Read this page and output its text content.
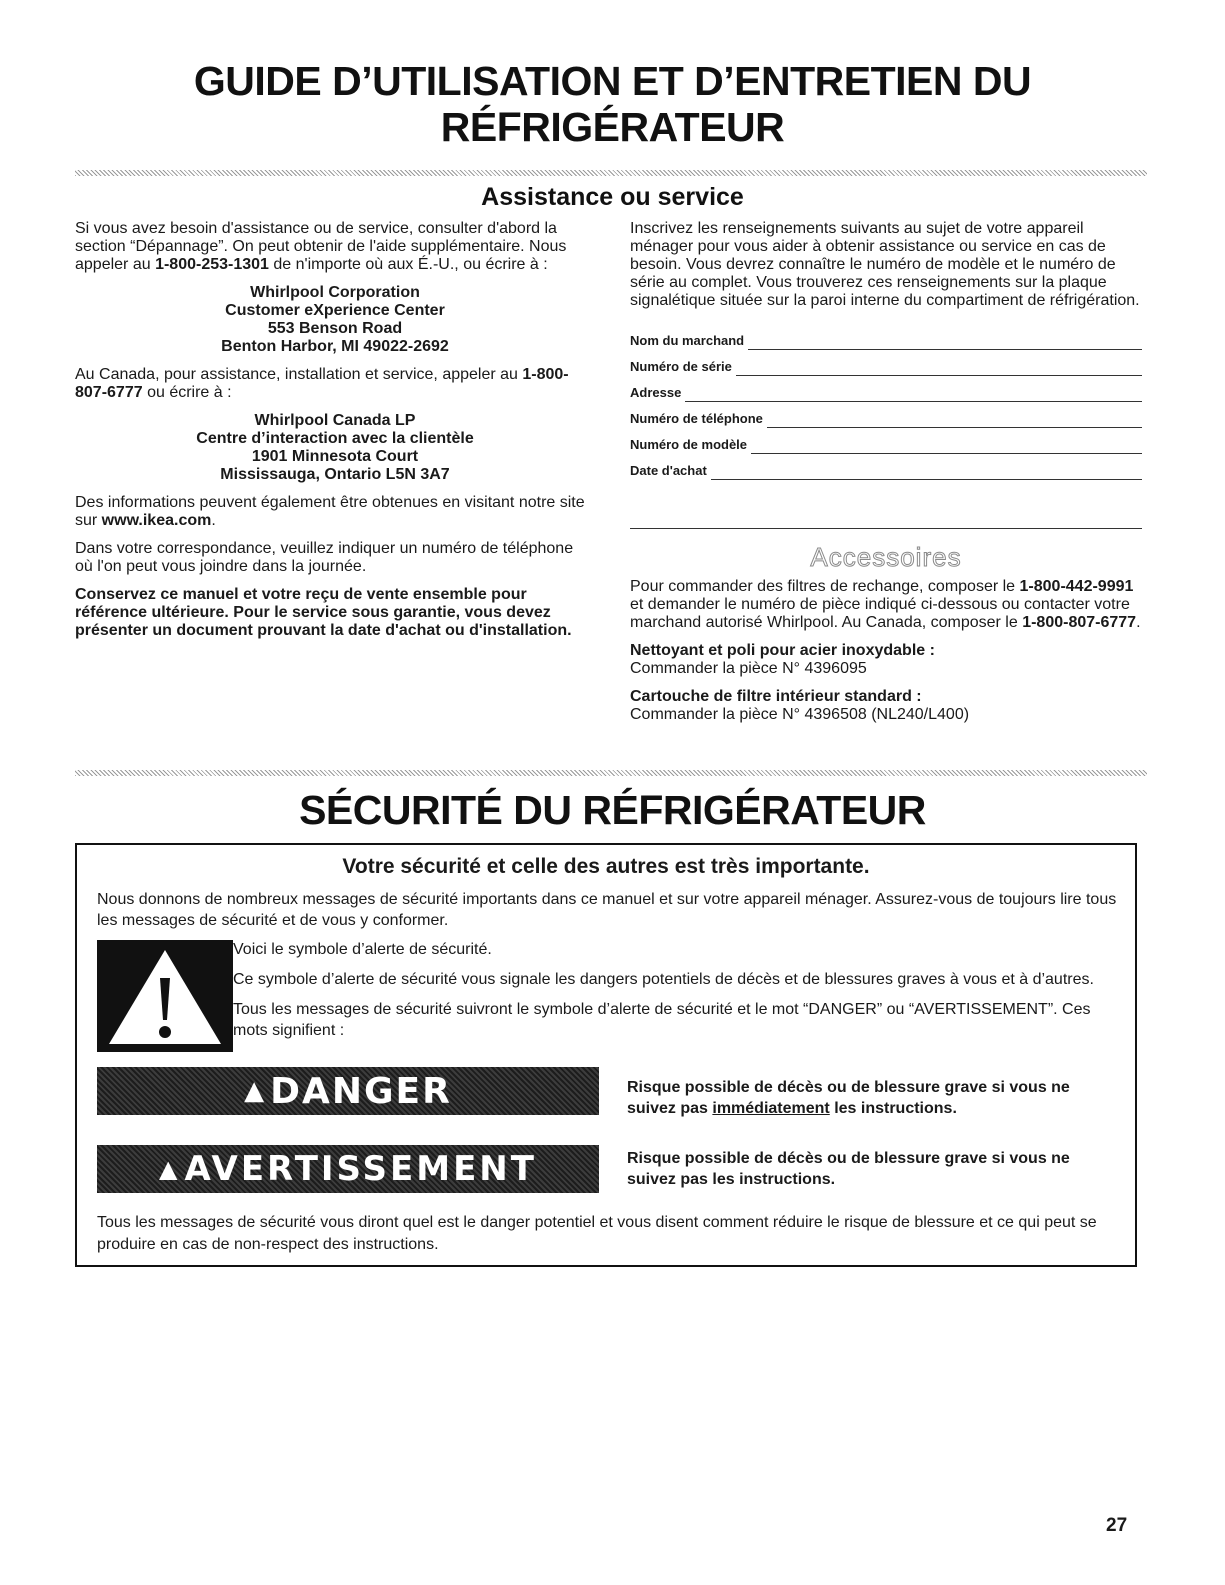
GUIDE D’UTILISATION ET D’ENTRETIEN DU
RÉFRIGÉRATEUR
Assistance ou service

Si vous avez besoin d'assistance ou de service, consulter d'abord la section “Dépannage”. On peut obtenir de l'aide supplémentaire. Nous appeler au 1-800-253-1301 de n'importe où aux É.-U., ou écrire à :

Whirlpool Corporation
Customer eXperience Center
553 Benson Road
Benton Harbor, MI 49022-2692

Au Canada, pour assistance, installation et service, appeler au 1-800-807-6777 ou écrire à :

Whirlpool Canada LP
Centre d’interaction avec la clientèle
1901 Minnesota Court
Mississauga, Ontario L5N 3A7

Des informations peuvent également être obtenues en visitant notre site sur www.ikea.com.

Dans votre correspondance, veuillez indiquer un numéro de téléphone où l'on peut vous joindre dans la journée.

Conservez ce manuel et votre reçu de vente ensemble pour référence ultérieure. Pour le service sous garantie, vous devez présenter un document prouvant la date d'achat ou d'installation.

Inscrivez les renseignements suivants au sujet de votre appareil ménager pour vous aider à obtenir assistance ou service en cas de besoin. Vous devrez connaître le numéro de modèle et le numéro de série au complet. Vous trouverez ces renseignements sur la plaque signalétique située sur la paroi interne du compartiment de réfrigération.

Nom du marchand
Numéro de série
Adresse
Numéro de téléphone
Numéro de modèle
Date d'achat
Accessoires

Pour commander des filtres de rechange, composer le 1-800-442-9991 et demander le numéro de pièce indiqué ci-dessous ou contacter votre marchand autorisé Whirlpool. Au Canada, composer le 1-800-807-6777.

Nettoyant et poli pour acier inoxydable :
Commander la pièce N° 4396095

Cartouche de filtre intérieur standard :
Commander la pièce N° 4396508 (NL240/L400)

SÉCURITÉ DU RÉFRIGÉRATEUR
Votre sécurité et celle des autres est très importante.
Nous donnons de nombreux messages de sécurité importants dans ce manuel et sur votre appareil ménager. Assurez-vous de toujours lire tous les messages de sécurité et de vous y conformer.

Voici le symbole d’alerte de sécurité.

Ce symbole d’alerte de sécurité vous signale les dangers potentiels de décès et de blessures graves à vous et à d’autres.

Tous les messages de sécurité suivront le symbole d’alerte de sécurité et le mot “DANGER” ou “AVERTISSEMENT”. Ces mots signifient :

▲ DANGER	Risque possible de décès ou de blessure grave si vous ne suivez pas immédiatement les instructions.
▲ AVERTISSEMENT	Risque possible de décès ou de blessure grave si vous ne suivez pas les instructions.
Tous les messages de sécurité vous diront quel est le danger potentiel et vous disent comment réduire le risque de blessure et ce qui peut se produire en cas de non-respect des instructions.
27
